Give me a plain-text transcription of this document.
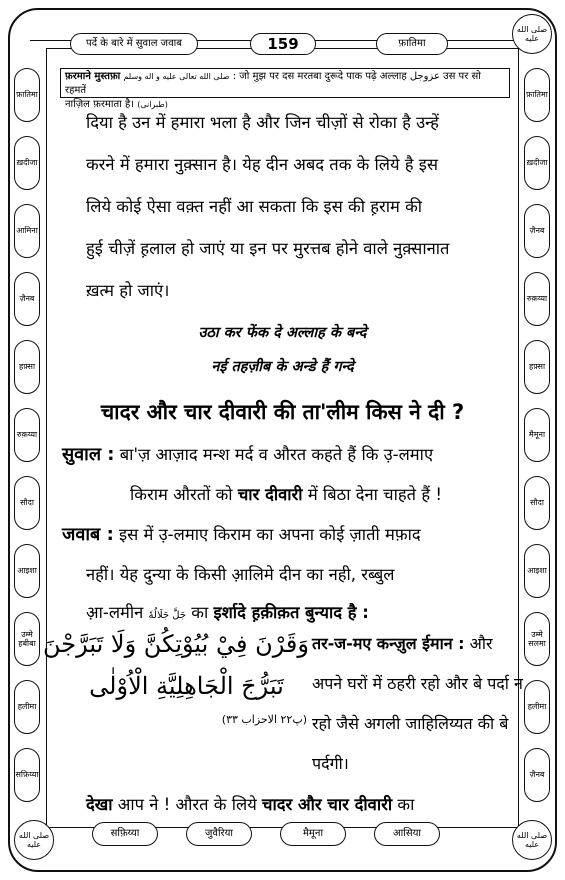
पर्दे के बारे में सुवाल जवाब	159	फ़ातिमा
صلى الله عليه
फ़ातिमा
ख़दीजा
ज़ैनब
रुक़य्या
हफ़्सा
मैमूना
सौदा
आइशा
उम्मे सलमा
हलीमा
ज़ैनब
फ़ातिमा
ख़दीजा
आमिना
ज़ैनब
हफ़्सा
रुक़य्या
सौदा
आइशा
उम्मे हबीबा
हलीमा
सफ़िय्या
फ़रमाने मुस्तफ़ा صلى الله تعالى عليه و اله وسلم : जो मुझ पर दस मरतबा दुरूदे पाक पढ़े अल्लाह عزوجل उस पर सो रहमतें
नाज़िल फ़रमाता है। (طبرانی)
दिया है उन में हमारा भला है और जिन चीज़ों से रोका है उन्हें
करने में हमारा नुक़्सान है। येह दीन अबद तक के लिये है इस
लिये कोई ऐसा वक़्त नहीं आ सकता कि इस की ह़राम की
हुई चीज़ें ह़लाल हो जाएं या इन पर मुरत्तब होने वाले नुक़्सानात
ख़त्म हो जाएं।
उठा कर फेंक दे अल्लाह के बन्दे
नई तहज़ीब के अन्डे हैं गन्दे
चादर और चार दीवारी की ता'लीम किस ने दी ?
सुवाल : बा'ज़ आज़ाद मन्श मर्द व औरत कहते हैं कि उ़-लमाए
किराम औरतों को चार दीवारी में बिठा देना चाहते हैं !
जवाब : इस में उ़-लमाए किराम का अपना कोई ज़ाती मफ़ाद
नहीं। येह दुन्या के किसी आ़लिमे दीन का नही, रब्बुल
आ़-लमीन جَلَّ جَلَالُهٗ का इर्शादे ह़क़ीक़त बुन्याद है :
وَقَرْنَ فِيْ بُيُوْتِكُنَّ وَلَا تَبَرَّجْنَ
تَبَرُّجَ الْجَاهِلِيَّةِ الْاُوْلٰى
(پ۲۲ الاحزاب ۳۳)
तर-ज-मए कन्ज़ुल ईमान : और
अपने घरों में ठहरी रहो और बे पर्दा न
रहो जैसे अगली जाहिलिय्यत की बे
पर्दगी।
देखा आप ने ! औरत के लिये चादर और चार दीवारी का
सफ़िय्या	जुवैरिया	मैमूना	आसिया
صلى الله عليه
صلى الله عليه
